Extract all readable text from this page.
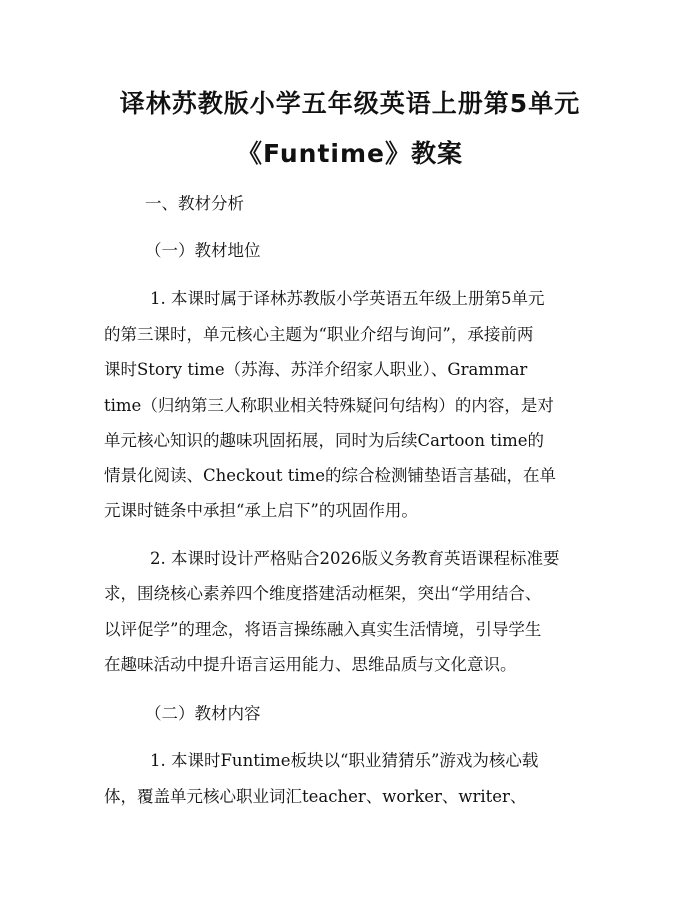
译林苏教版小学五年级英语上册第5单元
《Funtime》教案
一、教材分析
（一）教材地位
1. 本课时属于译林苏教版小学英语五年级上册第5单元
的第三课时，单元核心主题为“职业介绍与询问”，承接前两
课时Story time（苏海、苏洋介绍家人职业）、Grammar
time（归纳第三人称职业相关特殊疑问句结构）的内容，是对
单元核心知识的趣味巩固拓展，同时为后续Cartoon time的
情景化阅读、Checkout time的综合检测铺垫语言基础，在单
元课时链条中承担“承上启下”的巩固作用。
2. 本课时设计严格贴合2026版义务教育英语课程标准要
求，围绕核心素养四个维度搭建活动框架，突出“学用结合、
以评促学”的理念，将语言操练融入真实生活情境，引导学生
在趣味活动中提升语言运用能力、思维品质与文化意识。
（二）教材内容
1. 本课时Funtime板块以“职业猜猜乐”游戏为核心载
体，覆盖单元核心职业词汇teacher、worker、writer、
